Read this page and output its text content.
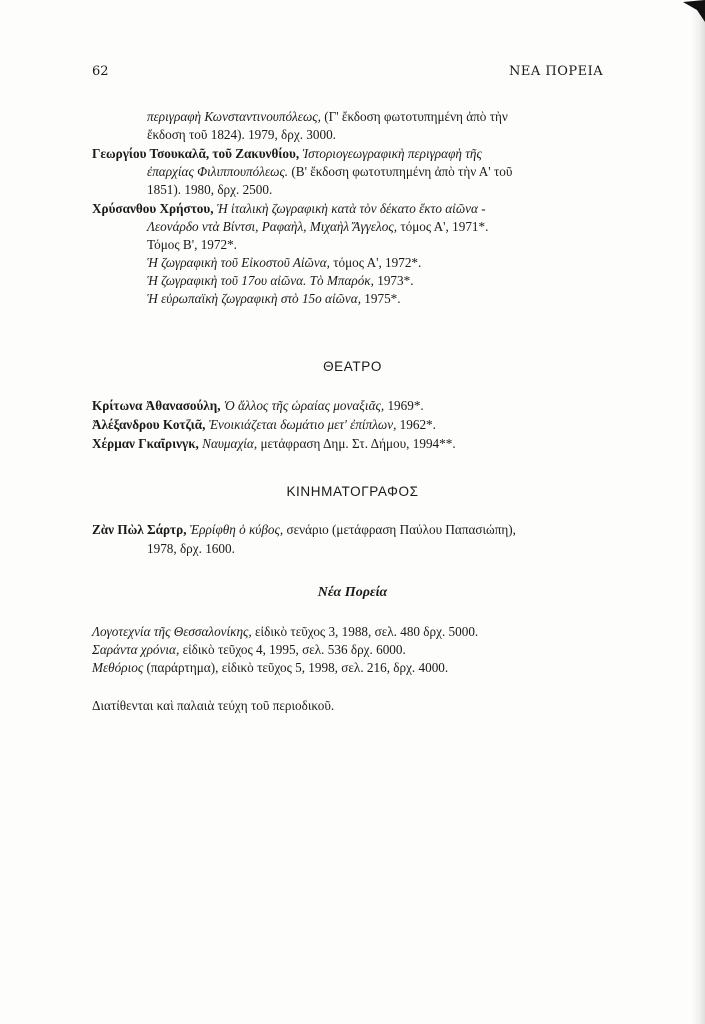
62	ΝΕΑ ΠΟΡΕΙΑ
περιγραφὴ Κωνσταντινουπόλεως, (Γ' ἔκδοση φωτοτυπημένη ἀπὸ τὴν
ἔκδοση τοῦ 1824). 1979, δρχ. 3000.
Γεωργίου Τσουκαλᾶ, τοῦ Ζακυνθίου, Ἱστοριογεωγραφικὴ περιγραφὴ τῆς
ἐπαρχίας Φιλιππουπόλεως. (Β' ἔκδοση φωτοτυπημένη ἀπὸ τὴν Α' τοῦ
1851). 1980, δρχ. 2500.
Χρύσανθου Χρήστου, Ἡ ἰταλικὴ ζωγραφικὴ κατὰ τὸν δέκατο ἕκτο αἰῶνα -
Λεονάρδο ντὰ Βίντσι, Ραφαὴλ, Μιχαὴλ Ἄγγελος, τόμος Α', 1971*.
Τόμος Β', 1972*.
Ἡ ζωγραφικὴ τοῦ Εἰκοστοῦ Αἰῶνα, τόμος Α', 1972*.
Ἡ ζωγραφικὴ τοῦ 17ου αἰῶνα. Τὸ Μπαρόκ, 1973*.
Ἡ εὐρωπαϊκὴ ζωγραφικὴ στὸ 15ο αἰῶνα, 1975*.
ΘΕΑΤΡΟ
Κρίτωνα Ἀθανασούλη, Ὁ ἄλλος τῆς ὡραίας μοναξιᾶς, 1969*.
Ἀλέξανδρου Κοτζιᾶ, Ἐνοικιάζεται δωμάτιο μετ' ἐπίπλων, 1962*.
Χέρμαν Γκαῖρινγκ, Ναυμαχία, μετάφραση Δημ. Στ. Δήμου, 1994**.
ΚΙΝΗΜΑΤΟΓΡΑΦΟΣ
Ζὰν Πὼλ Σάρτρ, Ἐρρίφθη ὁ κύβος, σενάριο (μετάφραση Παύλου Παπασιώπη),
1978, δρχ. 1600.
Νέα Πορεία
Λογοτεχνία τῆς Θεσσαλονίκης, εἰδικὸ τεῦχος 3, 1988, σελ. 480 δρχ. 5000.
Σαράντα χρόνια, εἰδικὸ τεῦχος 4, 1995, σελ. 536 δρχ. 6000.
Μεθόριος (παράρτημα), εἰδικὸ τεῦχος 5, 1998, σελ. 216, δρχ. 4000.
Διατίθενται καὶ παλαιὰ τεύχη τοῦ περιοδικοῦ.
